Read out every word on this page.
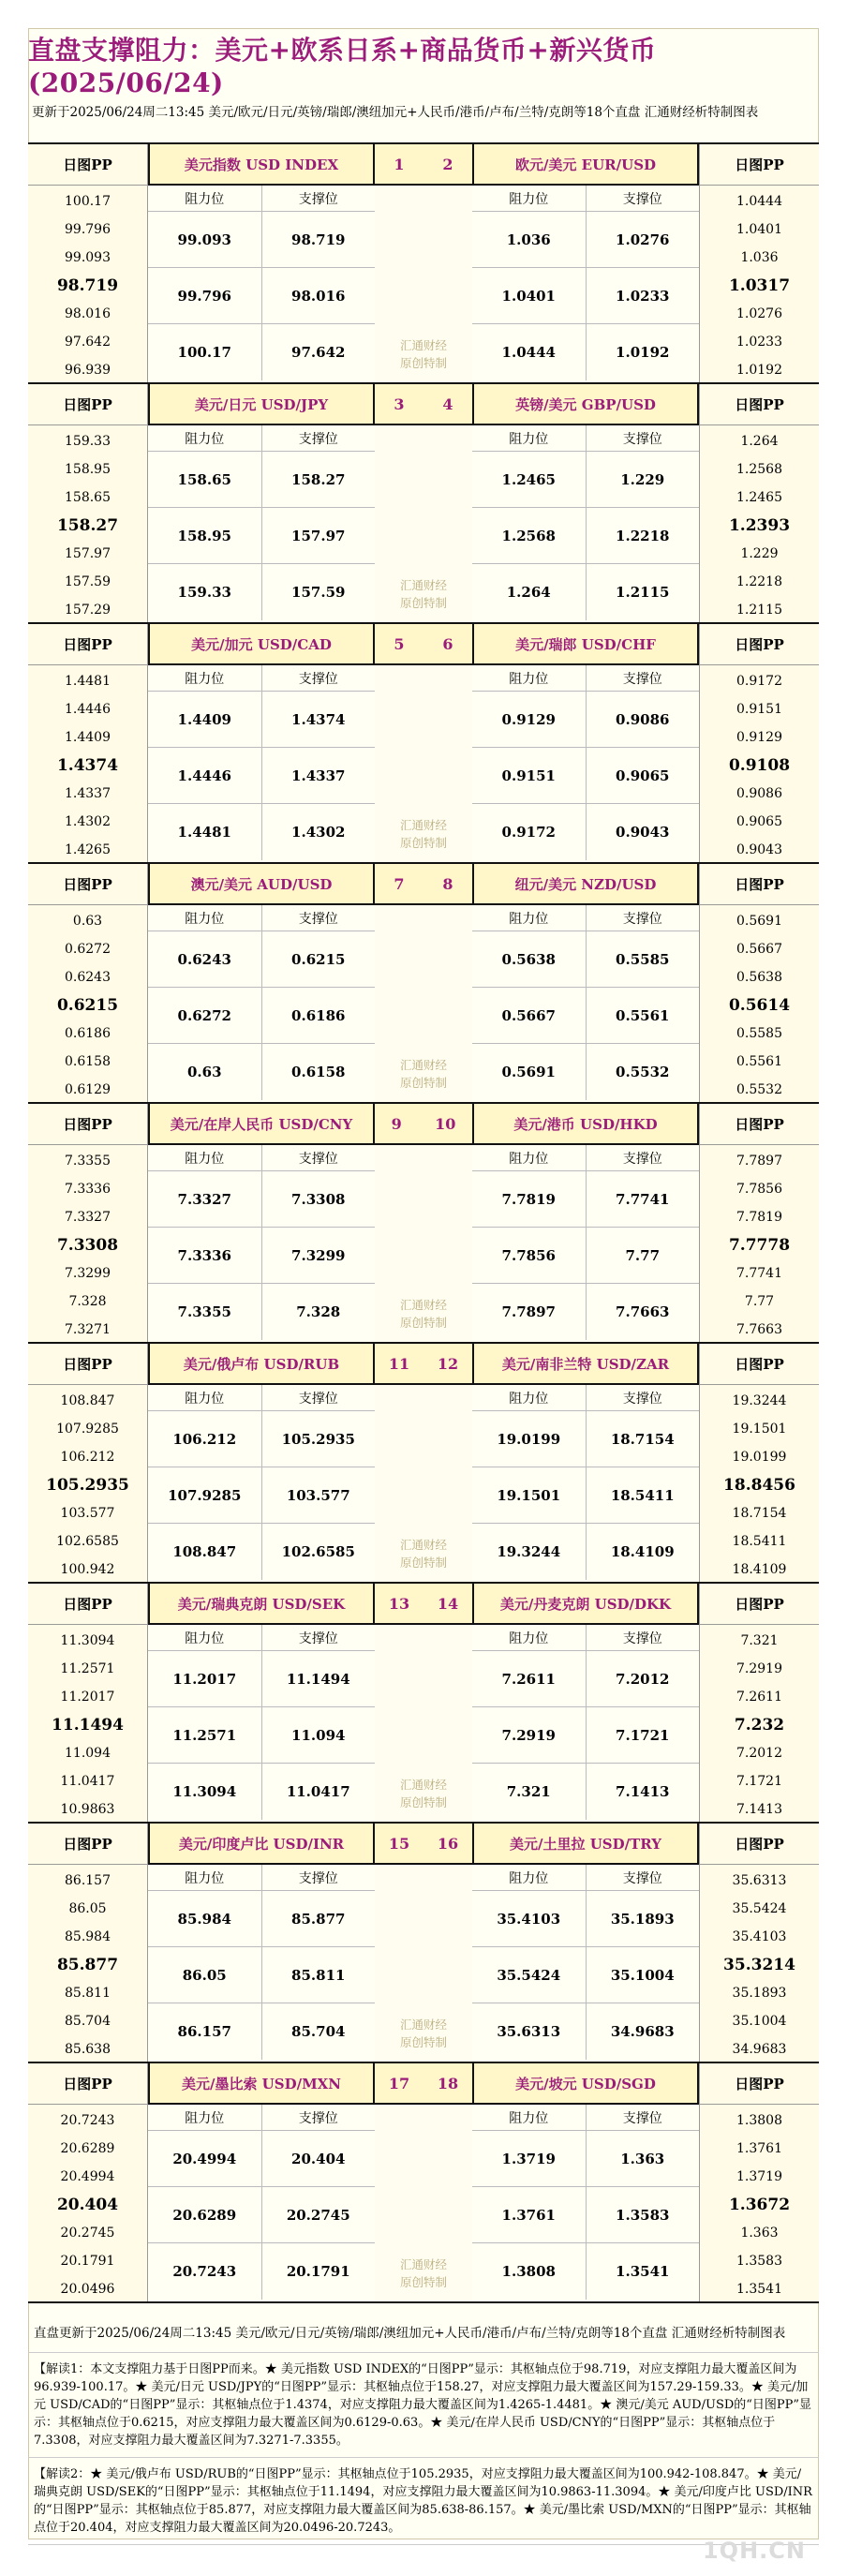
直盘支撑阻力：美元+欧系日系+商品货币+新兴货币(2025/06/24)
更新于2025/06/24周二13:45 美元/欧元/日元/英镑/瑞郎/澳纽加元+人民币/港币/卢布/兰特/克朗等18个直盘 汇通财经析特制图表
日图PP
100.17
99.796
99.093
98.719
98.016
97.642
96.939
日图PP
1.0444
1.0401
1.036
1.0317
1.0276
1.0233
1.0192
美元指数 USD INDEX
阻力位	支撑位
99.093	98.719
99.796	98.016
100.17	97.642
欧元/美元 EUR/USD
阻力位	支撑位
1.036	1.0276
1.0401	1.0233
1.0444	1.0192
1	2
汇通财经
原创特制
日图PP
159.33
158.95
158.65
158.27
157.97
157.59
157.29
日图PP
1.264
1.2568
1.2465
1.2393
1.229
1.2218
1.2115
美元/日元 USD/JPY
阻力位	支撑位
158.65	158.27
158.95	157.97
159.33	157.59
英镑/美元 GBP/USD
阻力位	支撑位
1.2465	1.229
1.2568	1.2218
1.264	1.2115
3	4
汇通财经
原创特制
日图PP
1.4481
1.4446
1.4409
1.4374
1.4337
1.4302
1.4265
日图PP
0.9172
0.9151
0.9129
0.9108
0.9086
0.9065
0.9043
美元/加元 USD/CAD
阻力位	支撑位
1.4409	1.4374
1.4446	1.4337
1.4481	1.4302
美元/瑞郎 USD/CHF
阻力位	支撑位
0.9129	0.9086
0.9151	0.9065
0.9172	0.9043
5	6
汇通财经
原创特制
日图PP
0.63
0.6272
0.6243
0.6215
0.6186
0.6158
0.6129
日图PP
0.5691
0.5667
0.5638
0.5614
0.5585
0.5561
0.5532
澳元/美元 AUD/USD
阻力位	支撑位
0.6243	0.6215
0.6272	0.6186
0.63	0.6158
纽元/美元 NZD/USD
阻力位	支撑位
0.5638	0.5585
0.5667	0.5561
0.5691	0.5532
7	8
汇通财经
原创特制
日图PP
7.3355
7.3336
7.3327
7.3308
7.3299
7.328
7.3271
日图PP
7.7897
7.7856
7.7819
7.7778
7.7741
7.77
7.7663
美元/在岸人民币 USD/CNY
阻力位	支撑位
7.3327	7.3308
7.3336	7.3299
7.3355	7.328
美元/港币 USD/HKD
阻力位	支撑位
7.7819	7.7741
7.7856	7.77
7.7897	7.7663
9 10
汇通财经
原创特制
日图PP
108.847
107.9285
106.212
105.2935
103.577
102.6585
100.942
日图PP
19.3244
19.1501
19.0199
18.8456
18.7154
18.5411
18.4109
美元/俄卢布 USD/RUB
阻力位	支撑位
106.212	105.2935
107.9285	103.577
108.847	102.6585
美元/南非兰特 USD/ZAR
阻力位	支撑位
19.0199	18.7154
19.1501	18.5411
19.3244	18.4109
11 12
汇通财经
原创特制
日图PP
11.3094
11.2571
11.2017
11.1494
11.094
11.0417
10.9863
日图PP
7.321
7.2919
7.2611
7.232
7.2012
7.1721
7.1413
美元/瑞典克朗 USD/SEK
阻力位	支撑位
11.2017	11.1494
11.2571	11.094
11.3094	11.0417
美元/丹麦克朗 USD/DKK
阻力位	支撑位
7.2611	7.2012
7.2919	7.1721
7.321	7.1413
13 14
汇通财经
原创特制
日图PP
86.157
86.05
85.984
85.877
85.811
85.704
85.638
日图PP
35.6313
35.5424
35.4103
35.3214
35.1893
35.1004
34.9683
美元/印度卢比 USD/INR
阻力位	支撑位
85.984	85.877
86.05	85.811
86.157	85.704
美元/土里拉 USD/TRY
阻力位	支撑位
35.4103	35.1893
35.5424	35.1004
35.6313	34.9683
15 16
汇通财经
原创特制
日图PP
20.7243
20.6289
20.4994
20.404
20.2745
20.1791
20.0496
日图PP
1.3808
1.3761
1.3719
1.3672
1.363
1.3583
1.3541
美元/墨比索 USD/MXN
阻力位	支撑位
20.4994	20.404
20.6289	20.2745
20.7243	20.1791
美元/坡元 USD/SGD
阻力位	支撑位
1.3719	1.363
1.3761	1.3583
1.3808	1.3541
17 18
汇通财经
原创特制
直盘更新于2025/06/24周二13:45 美元/欧元/日元/英镑/瑞郎/澳纽加元+人民币/港币/卢布/兰特/克朗等18个直盘 汇通财经析特制图表
【解读1：本文支撑阻力基于日图PP而来。★ 美元指数 USD INDEX的“日图PP”显示：其枢轴点位于98.719，对应支撑阻力最大覆盖区间为96.939-100.17。★ 美元/日元 USD/JPY的“日图PP”显示：其枢轴点位于158.27，对应支撑阻力最大覆盖区间为157.29-159.33。★ 美元/加元 USD/CAD的“日图PP”显示：其枢轴点位于1.4374，对应支撑阻力最大覆盖区间为1.4265-1.4481。★ 澳元/美元 AUD/USD的“日图PP”显示：其枢轴点位于0.6215，对应支撑阻力最大覆盖区间为0.6129-0.63。★ 美元/在岸人民币 USD/CNY的“日图PP”显示：其枢轴点位于7.3308，对应支撑阻力最大覆盖区间为7.3271-7.3355。
【解读2：★ 美元/俄卢布 USD/RUB的“日图PP”显示：其枢轴点位于105.2935，对应支撑阻力最大覆盖区间为100.942-108.847。★ 美元/瑞典克朗 USD/SEK的“日图PP”显示：其枢轴点位于11.1494，对应支撑阻力最大覆盖区间为10.9863-11.3094。★ 美元/印度卢比 USD/INR的“日图PP”显示：其枢轴点位于85.877，对应支撑阻力最大覆盖区间为85.638-86.157。★ 美元/墨比索 USD/MXN的“日图PP”显示：其枢轴点位于20.404，对应支撑阻力最大覆盖区间为20.0496-20.7243。
1QH.CN
